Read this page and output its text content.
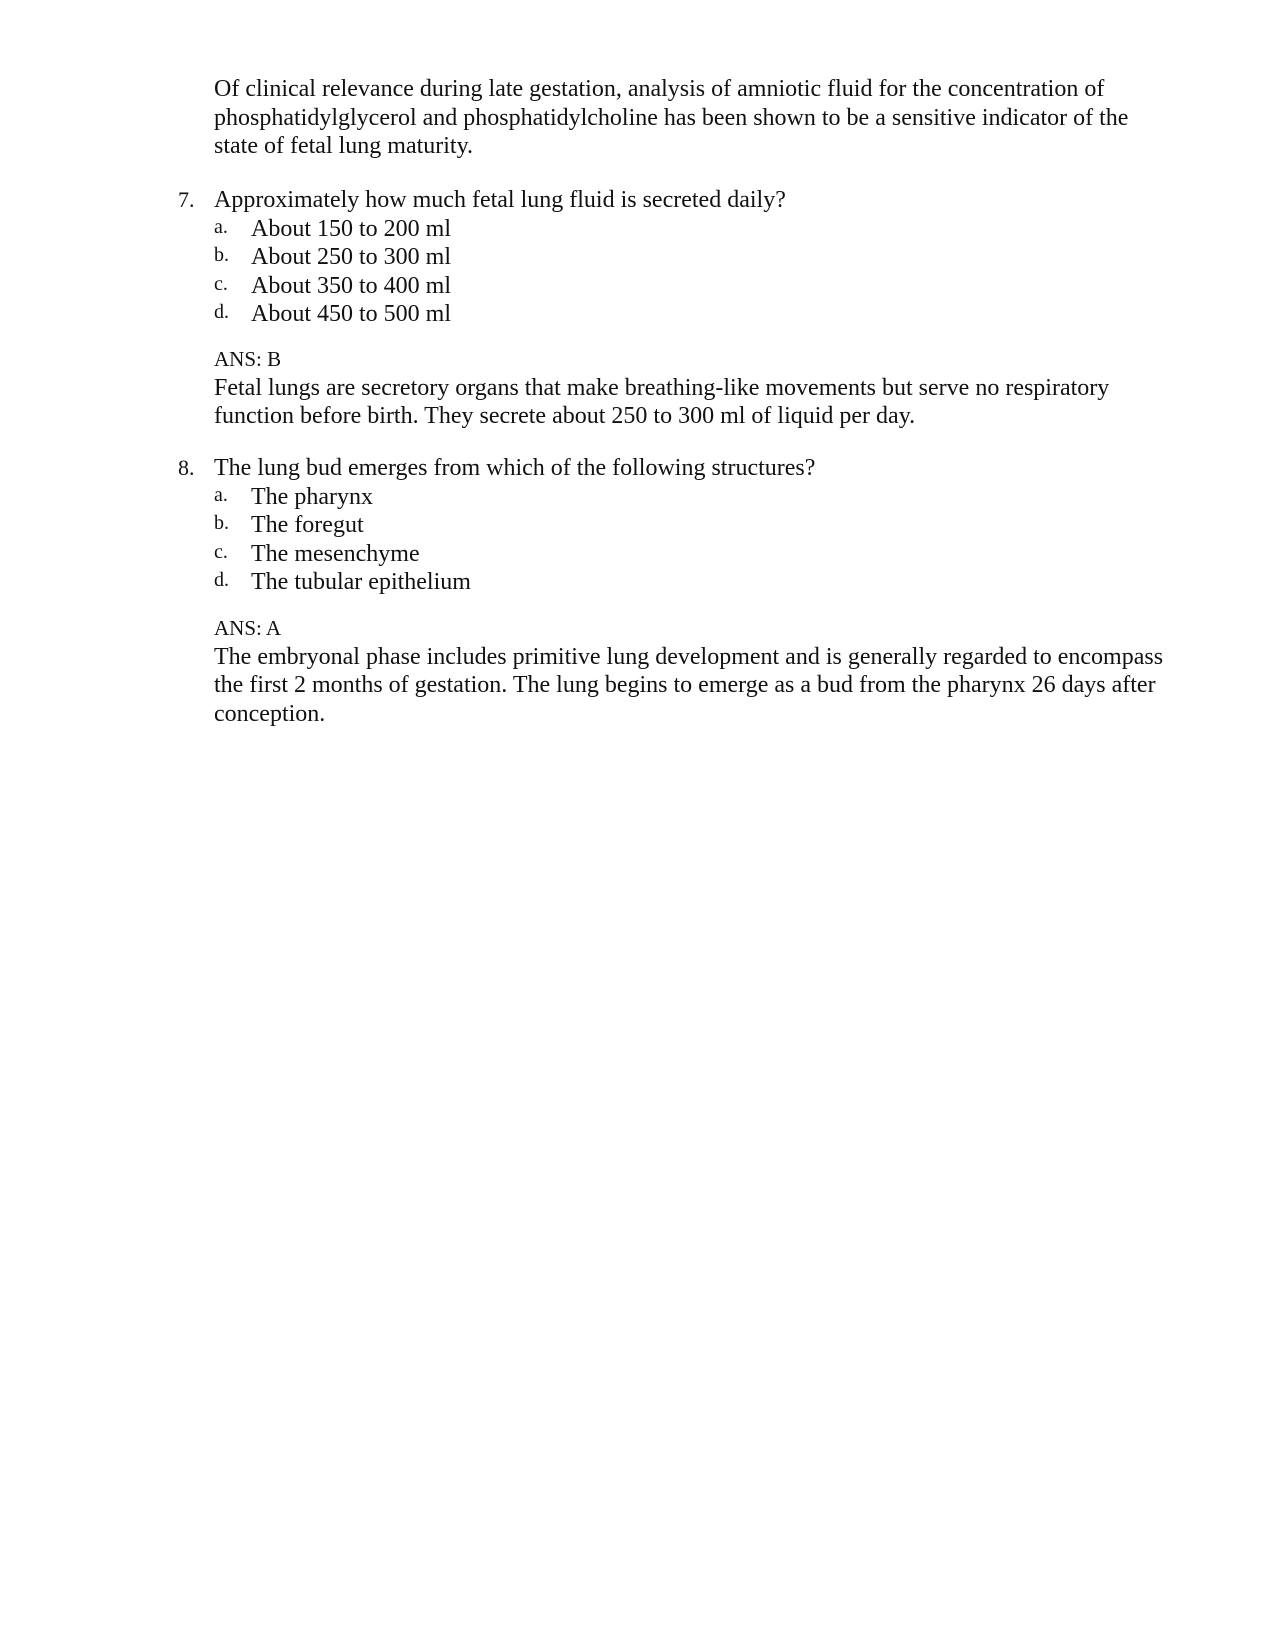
Of clinical relevance during late gestation, analysis of amniotic fluid for the concentration of phosphatidylglycerol and phosphatidylcholine has been shown to be a sensitive indicator of the state of fetal lung maturity.

7. Approximately how much fetal lung fluid is secreted daily?
a. About 150 to 200 ml
b. About 250 to 300 ml
c. About 350 to 400 ml
d. About 450 to 500 ml
ANS: B

Fetal lungs are secretory organs that make breathing-like movements but serve no respiratory function before birth. They secrete about 250 to 300 ml of liquid per day.

8. The lung bud emerges from which of the following structures?
a. The pharynx
b. The foregut
c. The mesenchyme
d. The tubular epithelium
ANS: A

The embryonal phase includes primitive lung development and is generally regarded to encompass the first 2 months of gestation. The lung begins to emerge as a bud from the pharynx 26 days after conception.
